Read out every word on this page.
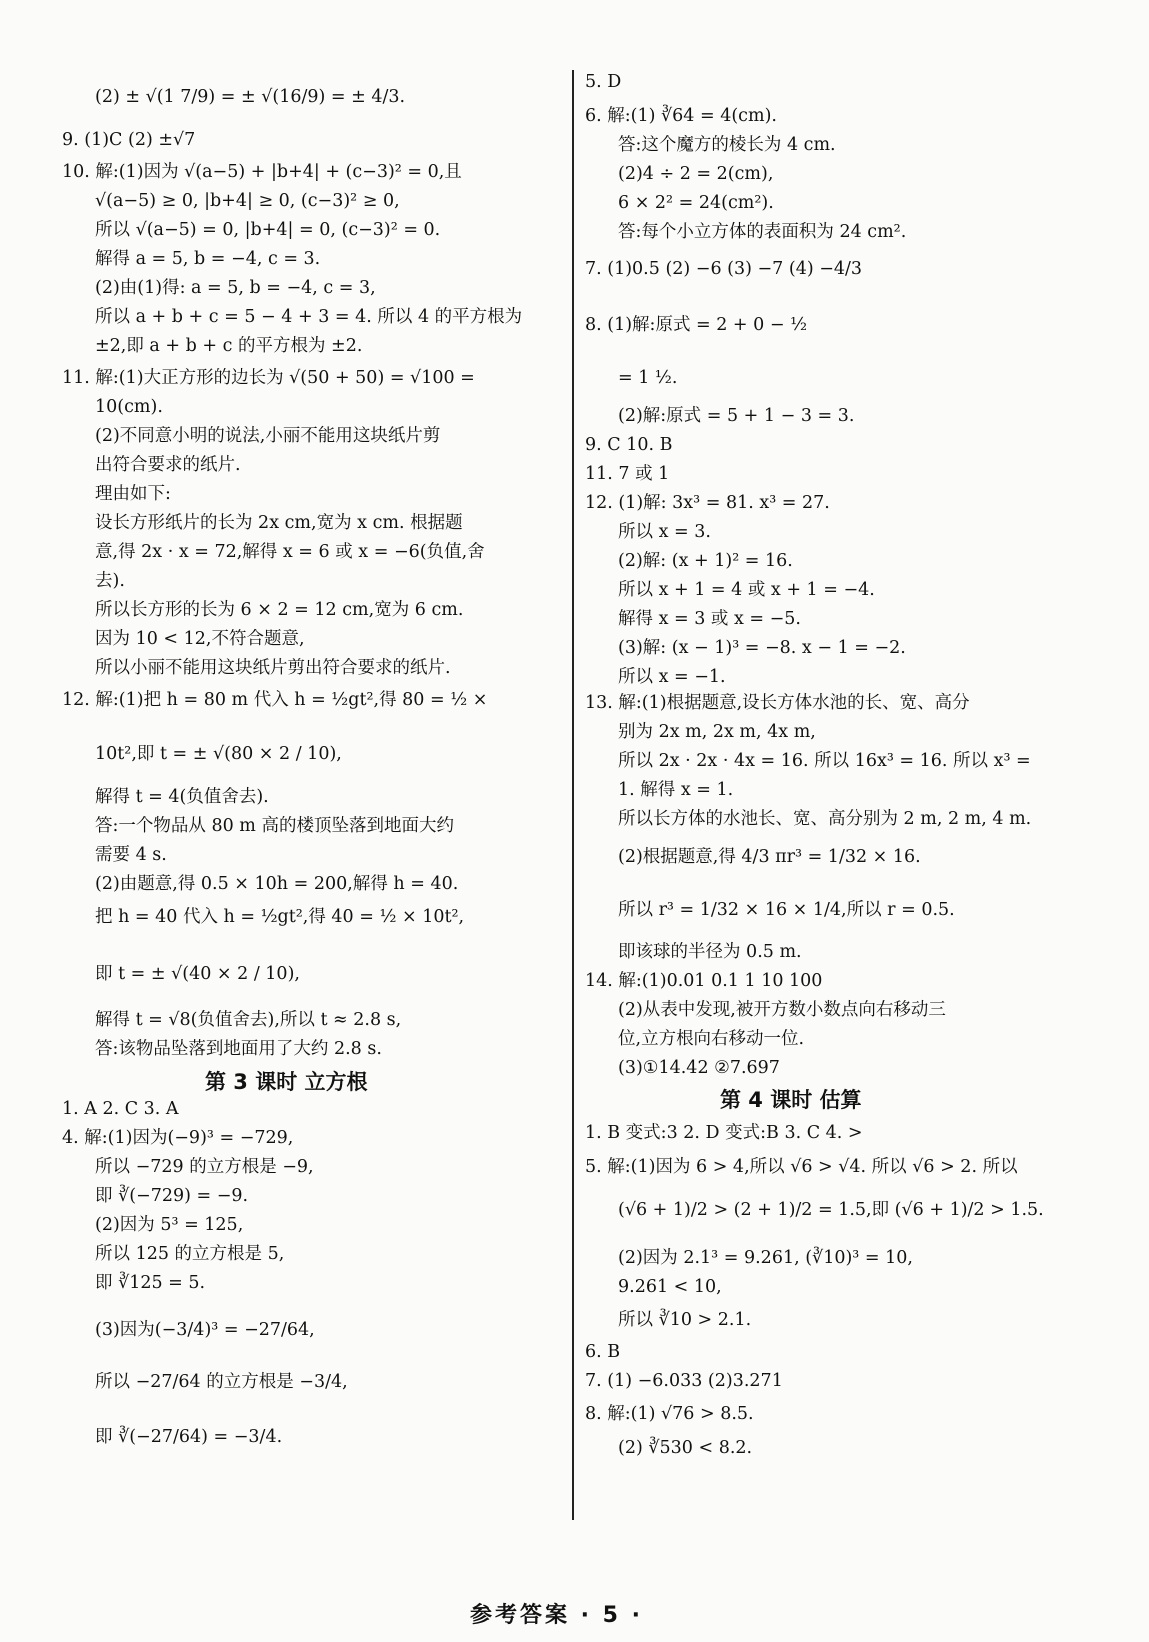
(2) ± √(1 7/9) = ± √(16/9) = ± 4/3.
9. (1)C (2) ±√7
10. 解:(1)因为 √(a−5) + |b+4| + (c−3)² = 0,且
√(a−5) ≥ 0, |b+4| ≥ 0, (c−3)² ≥ 0,
所以 √(a−5) = 0, |b+4| = 0, (c−3)² = 0.
解得 a = 5, b = −4, c = 3.
(2)由(1)得: a = 5, b = −4, c = 3,
所以 a + b + c = 5 − 4 + 3 = 4. 所以 4 的平方根为
±2,即 a + b + c 的平方根为 ±2.
11. 解:(1)大正方形的边长为 √(50 + 50) = √100 =
10(cm).
(2)不同意小明的说法,小丽不能用这块纸片剪
出符合要求的纸片.
理由如下:
设长方形纸片的长为 2x cm,宽为 x cm. 根据题
意,得 2x · x = 72,解得 x = 6 或 x = −6(负值,舍
去).
所以长方形的长为 6 × 2 = 12 cm,宽为 6 cm.
因为 10 < 12,不符合题意,
所以小丽不能用这块纸片剪出符合要求的纸片.
12. 解:(1)把 h = 80 m 代入 h = ½gt²,得 80 = ½ ×
10t²,即 t = ± √(80 × 2 / 10),
解得 t = 4(负值舍去).
答:一个物品从 80 m 高的楼顶坠落到地面大约
需要 4 s.
(2)由题意,得 0.5 × 10h = 200,解得 h = 40.
把 h = 40 代入 h = ½gt²,得 40 = ½ × 10t²,
即 t = ± √(40 × 2 / 10),
解得 t = √8(负值舍去),所以 t ≈ 2.8 s,
答:该物品坠落到地面用了大约 2.8 s.
1. A 2. C 3. A
4. 解:(1)因为(−9)³ = −729,
所以 −729 的立方根是 −9,
即 ∛(−729) = −9.
(2)因为 5³ = 125,
所以 125 的立方根是 5,
即 ∛125 = 5.
(3)因为(−3/4)³ = −27/64,
所以 −27/64 的立方根是 −3/4,
即 ∛(−27/64) = −3/4.
5. D
6. 解:(1) ∛64 = 4(cm).
答:这个魔方的棱长为 4 cm.
(2)4 ÷ 2 = 2(cm),
6 × 2² = 24(cm²).
答:每个小立方体的表面积为 24 cm².
7. (1)0.5 (2) −6 (3) −7 (4) −4/3
8. (1)解:原式 = 2 + 0 − ½
= 1 ½.
(2)解:原式 = 5 + 1 − 3 = 3.
9. C 10. B
11. 7 或 1
12. (1)解: 3x³ = 81. x³ = 27.
所以 x = 3.
(2)解: (x + 1)² = 16.
所以 x + 1 = 4 或 x + 1 = −4.
解得 x = 3 或 x = −5.
(3)解: (x − 1)³ = −8. x − 1 = −2.
所以 x = −1.
13. 解:(1)根据题意,设长方体水池的长、宽、高分
别为 2x m, 2x m, 4x m,
所以 2x · 2x · 4x = 16. 所以 16x³ = 16. 所以 x³ =
1. 解得 x = 1.
所以长方体的水池长、宽、高分别为 2 m, 2 m, 4 m.
(2)根据题意,得 4/3 πr³ = 1/32 × 16.
所以 r³ = 1/32 × 16 × 1/4,所以 r = 0.5.
即该球的半径为 0.5 m.
14. 解:(1)0.01 0.1 1 10 100
(2)从表中发现,被开方数小数点向右移动三
位,立方根向右移动一位.
(3)①14.42 ②7.697
1. B 变式:3 2. D 变式:B 3. C 4. >
5. 解:(1)因为 6 > 4,所以 √6 > √4. 所以 √6 > 2. 所以
(√6 + 1)/2 > (2 + 1)/2 = 1.5,即 (√6 + 1)/2 > 1.5.
(2)因为 2.1³ = 9.261, (∛10)³ = 10,
9.261 < 10,
所以 ∛10 > 2.1.
6. B
7. (1) −6.033 (2)3.271
8. 解:(1) √76 > 8.5.
(2) ∛530 < 8.2.
第 3 课时 立方根
第 4 课时 估算
参考答案 · 5 ·
